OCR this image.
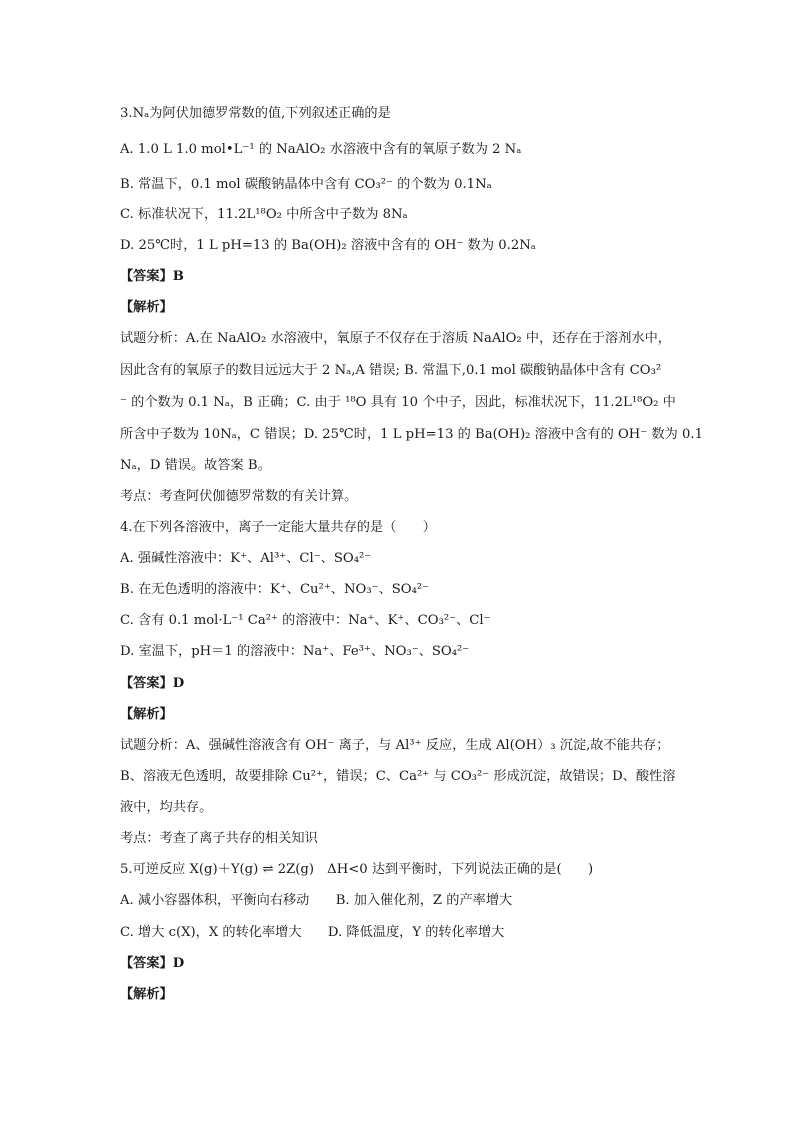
3.Nₐ为阿伏加德罗常数的值,下列叙述正确的是
A. 1.0 L 1.0 mol•L⁻¹ 的 NaAlO₂ 水溶液中含有的氧原子数为 2 Nₐ
B. 常温下，0.1 mol 碳酸钠晶体中含有 CO₃²⁻ 的个数为 0.1Nₐ
C. 标准状况下，11.2L¹⁸O₂ 中所含中子数为 8Nₐ
D. 25℃时，1 L pH=13 的 Ba(OH)₂ 溶液中含有的 OH⁻ 数为 0.2Nₐ
【答案】B
【解析】
试题分析：A.在 NaAlO₂ 水溶液中，氧原子不仅存在于溶质 NaAlO₂ 中，还存在于溶剂水中，
因此含有的氧原子的数目远远大于 2 Nₐ,A 错误; B. 常温下,0.1 mol 碳酸钠晶体中含有 CO₃²
⁻ 的个数为 0.1 Nₐ，B 正确；C. 由于 ¹⁸O 具有 10 个中子，因此，标准状况下，11.2L¹⁸O₂ 中
所含中子数为 10Nₐ，C 错误；D. 25℃时，1 L pH=13 的 Ba(OH)₂ 溶液中含有的 OH⁻ 数为 0.1
Nₐ，D 错误。故答案 B。
考点：考查阿伏伽德罗常数的有关计算。
4.在下列各溶液中，离子一定能大量共存的是（　　）
A. 强碱性溶液中：K⁺、Al³⁺、Cl⁻、SO₄²⁻
B. 在无色透明的溶液中：K⁺、Cu²⁺、NO₃⁻、SO₄²⁻
C. 含有 0.1 mol·L⁻¹ Ca²⁺ 的溶液中：Na⁺、K⁺、CO₃²⁻、Cl⁻
D. 室温下，pH＝1 的溶液中：Na⁺、Fe³⁺、NO₃⁻、SO₄²⁻
【答案】D
【解析】
试题分析：A、强碱性溶液含有 OH⁻ 离子，与 Al³⁺ 反应，生成 Al(OH）₃ 沉淀,故不能共存；
B、溶液无色透明，故要排除 Cu²⁺，错误；C、Ca²⁺ 与 CO₃²⁻ 形成沉淀，故错误；D、酸性溶
液中，均共存。
考点：考查了离子共存的相关知识
5.可逆反应 X(g)＋Y(g) ⇌ 2Z(g)　ΔH<0 达到平衡时，下列说法正确的是(　　)
A. 减小容器体积，平衡向右移动　　B. 加入催化剂，Z 的产率增大
C. 增大 c(X)，X 的转化率增大　　D. 降低温度，Y 的转化率增大
【答案】D
【解析】
